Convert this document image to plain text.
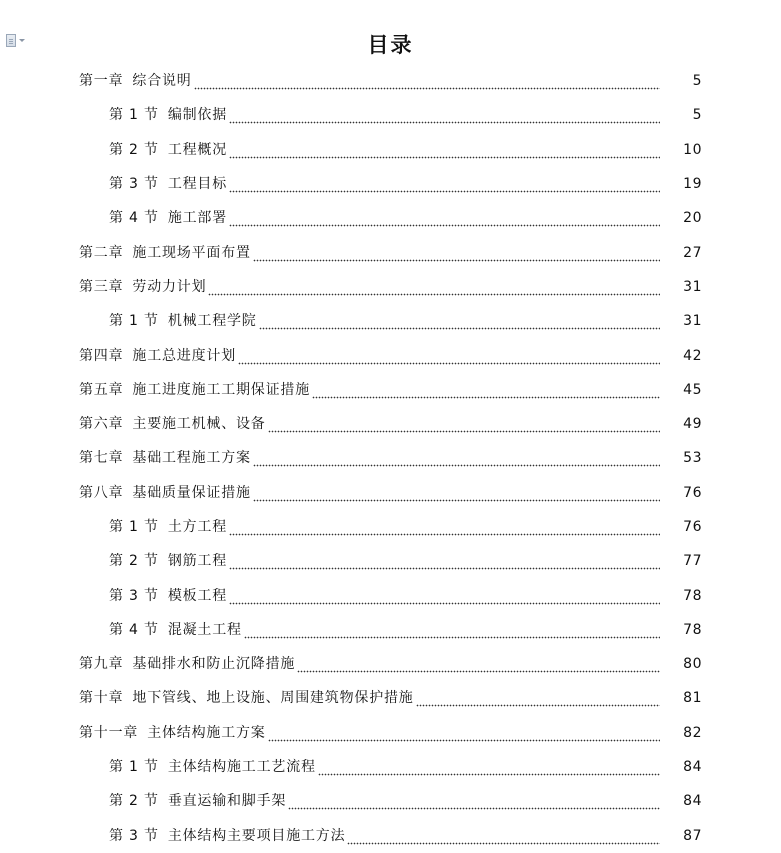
目录
第一章 综合说明	5
第 1 节 编制依据	5
第 2 节 工程概况	10
第 3 节 工程目标	19
第 4 节 施工部署	20
第二章 施工现场平面布置	27
第三章 劳动力计划	31
第 1 节 机械工程学院	31
第四章 施工总进度计划	42
第五章 施工进度施工工期保证措施	45
第六章 主要施工机械、设备	49
第七章 基础工程施工方案	53
第八章 基础质量保证措施	76
第 1 节 土方工程	76
第 2 节 钢筋工程	77
第 3 节 模板工程	78
第 4 节 混凝土工程	78
第九章 基础排水和防止沉降措施	80
第十章 地下管线、地上设施、周围建筑物保护措施	81
第十一章 主体结构施工方案	82
第 1 节 主体结构施工工艺流程	84
第 2 节 垂直运输和脚手架	84
第 3 节 主体结构主要项目施工方法	87
